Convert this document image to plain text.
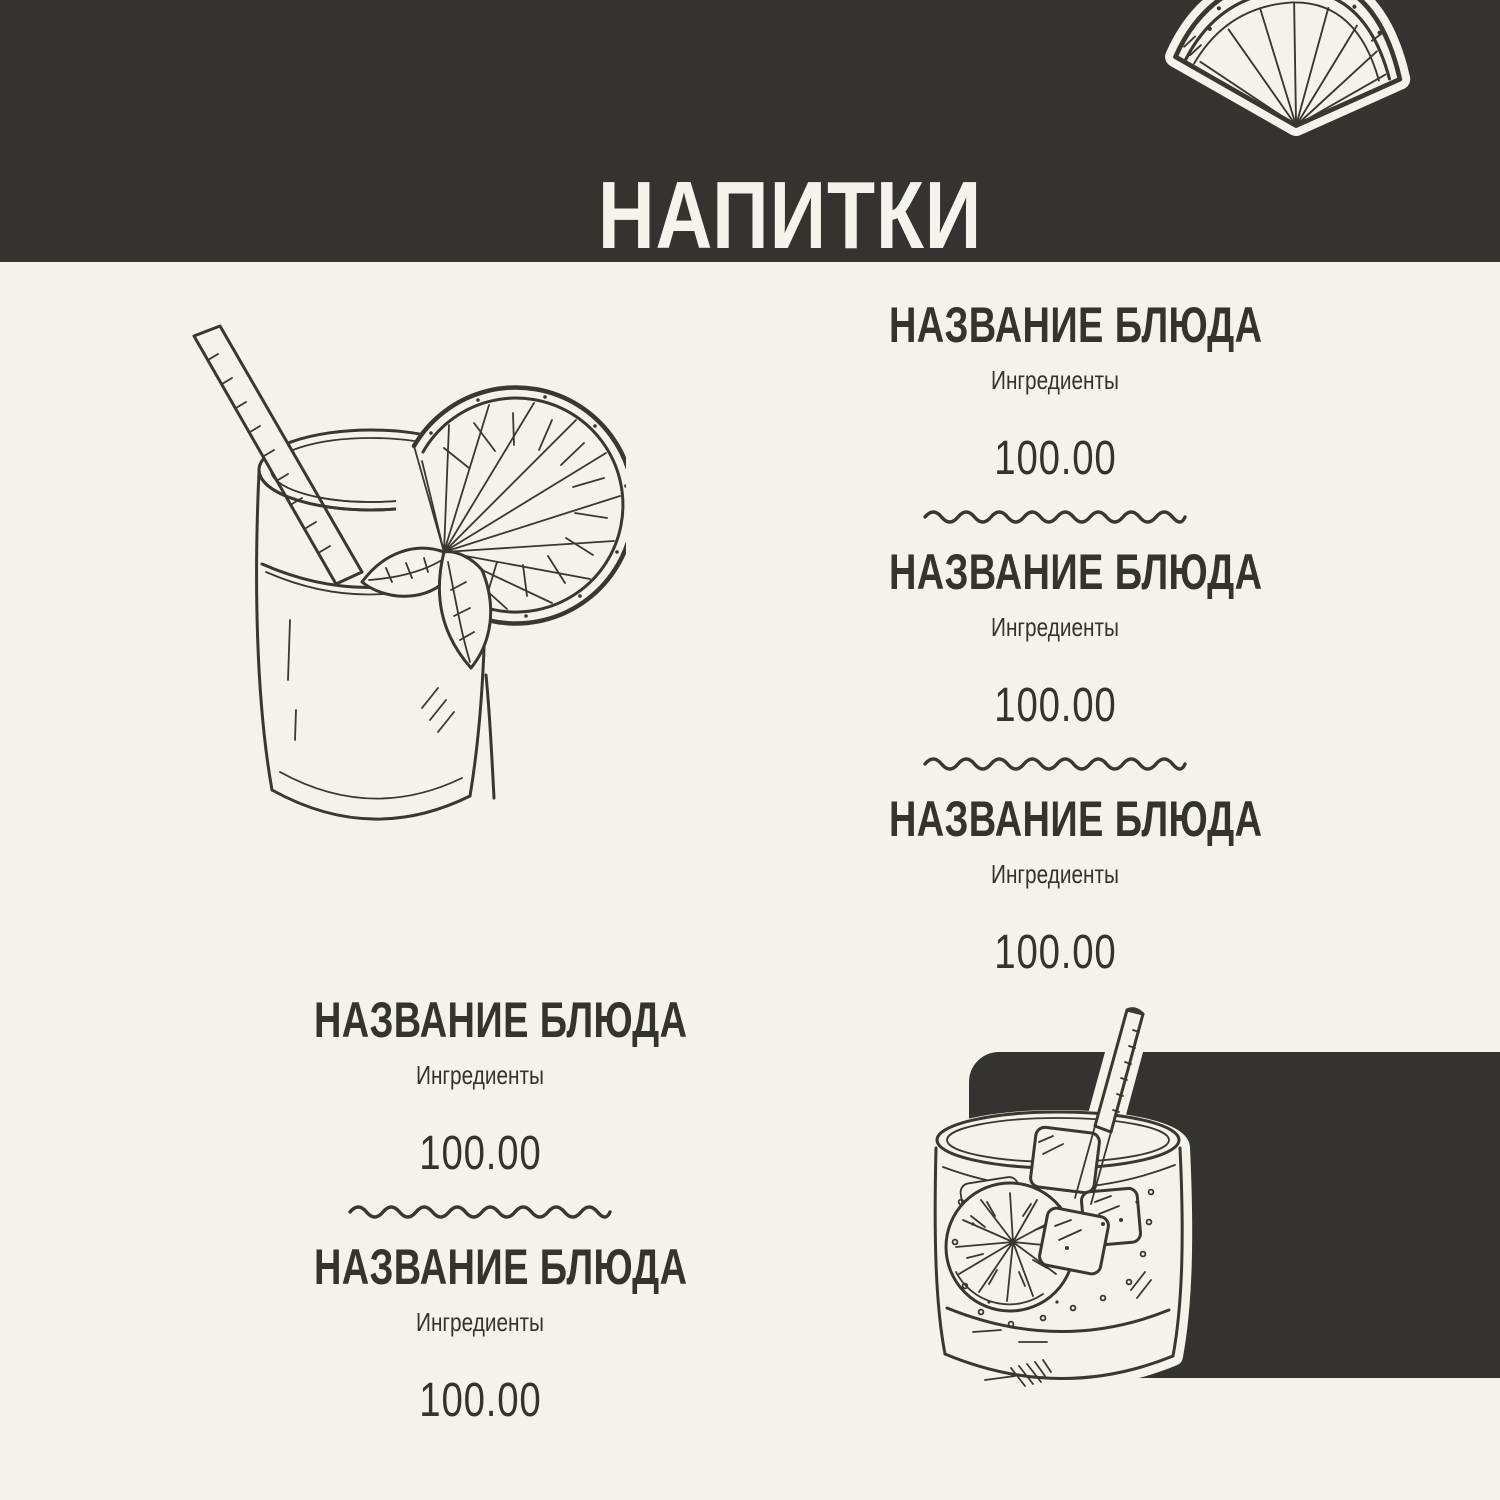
НАПИТКИ
НАЗВАНИЕ БЛЮДА
Ингредиенты
100.00
НАЗВАНИЕ БЛЮДА
Ингредиенты
100.00
НАЗВАНИЕ БЛЮДА
Ингредиенты
100.00
НАЗВАНИЕ БЛЮДА
Ингредиенты
100.00
НАЗВАНИЕ БЛЮДА
Ингредиенты
100.00
